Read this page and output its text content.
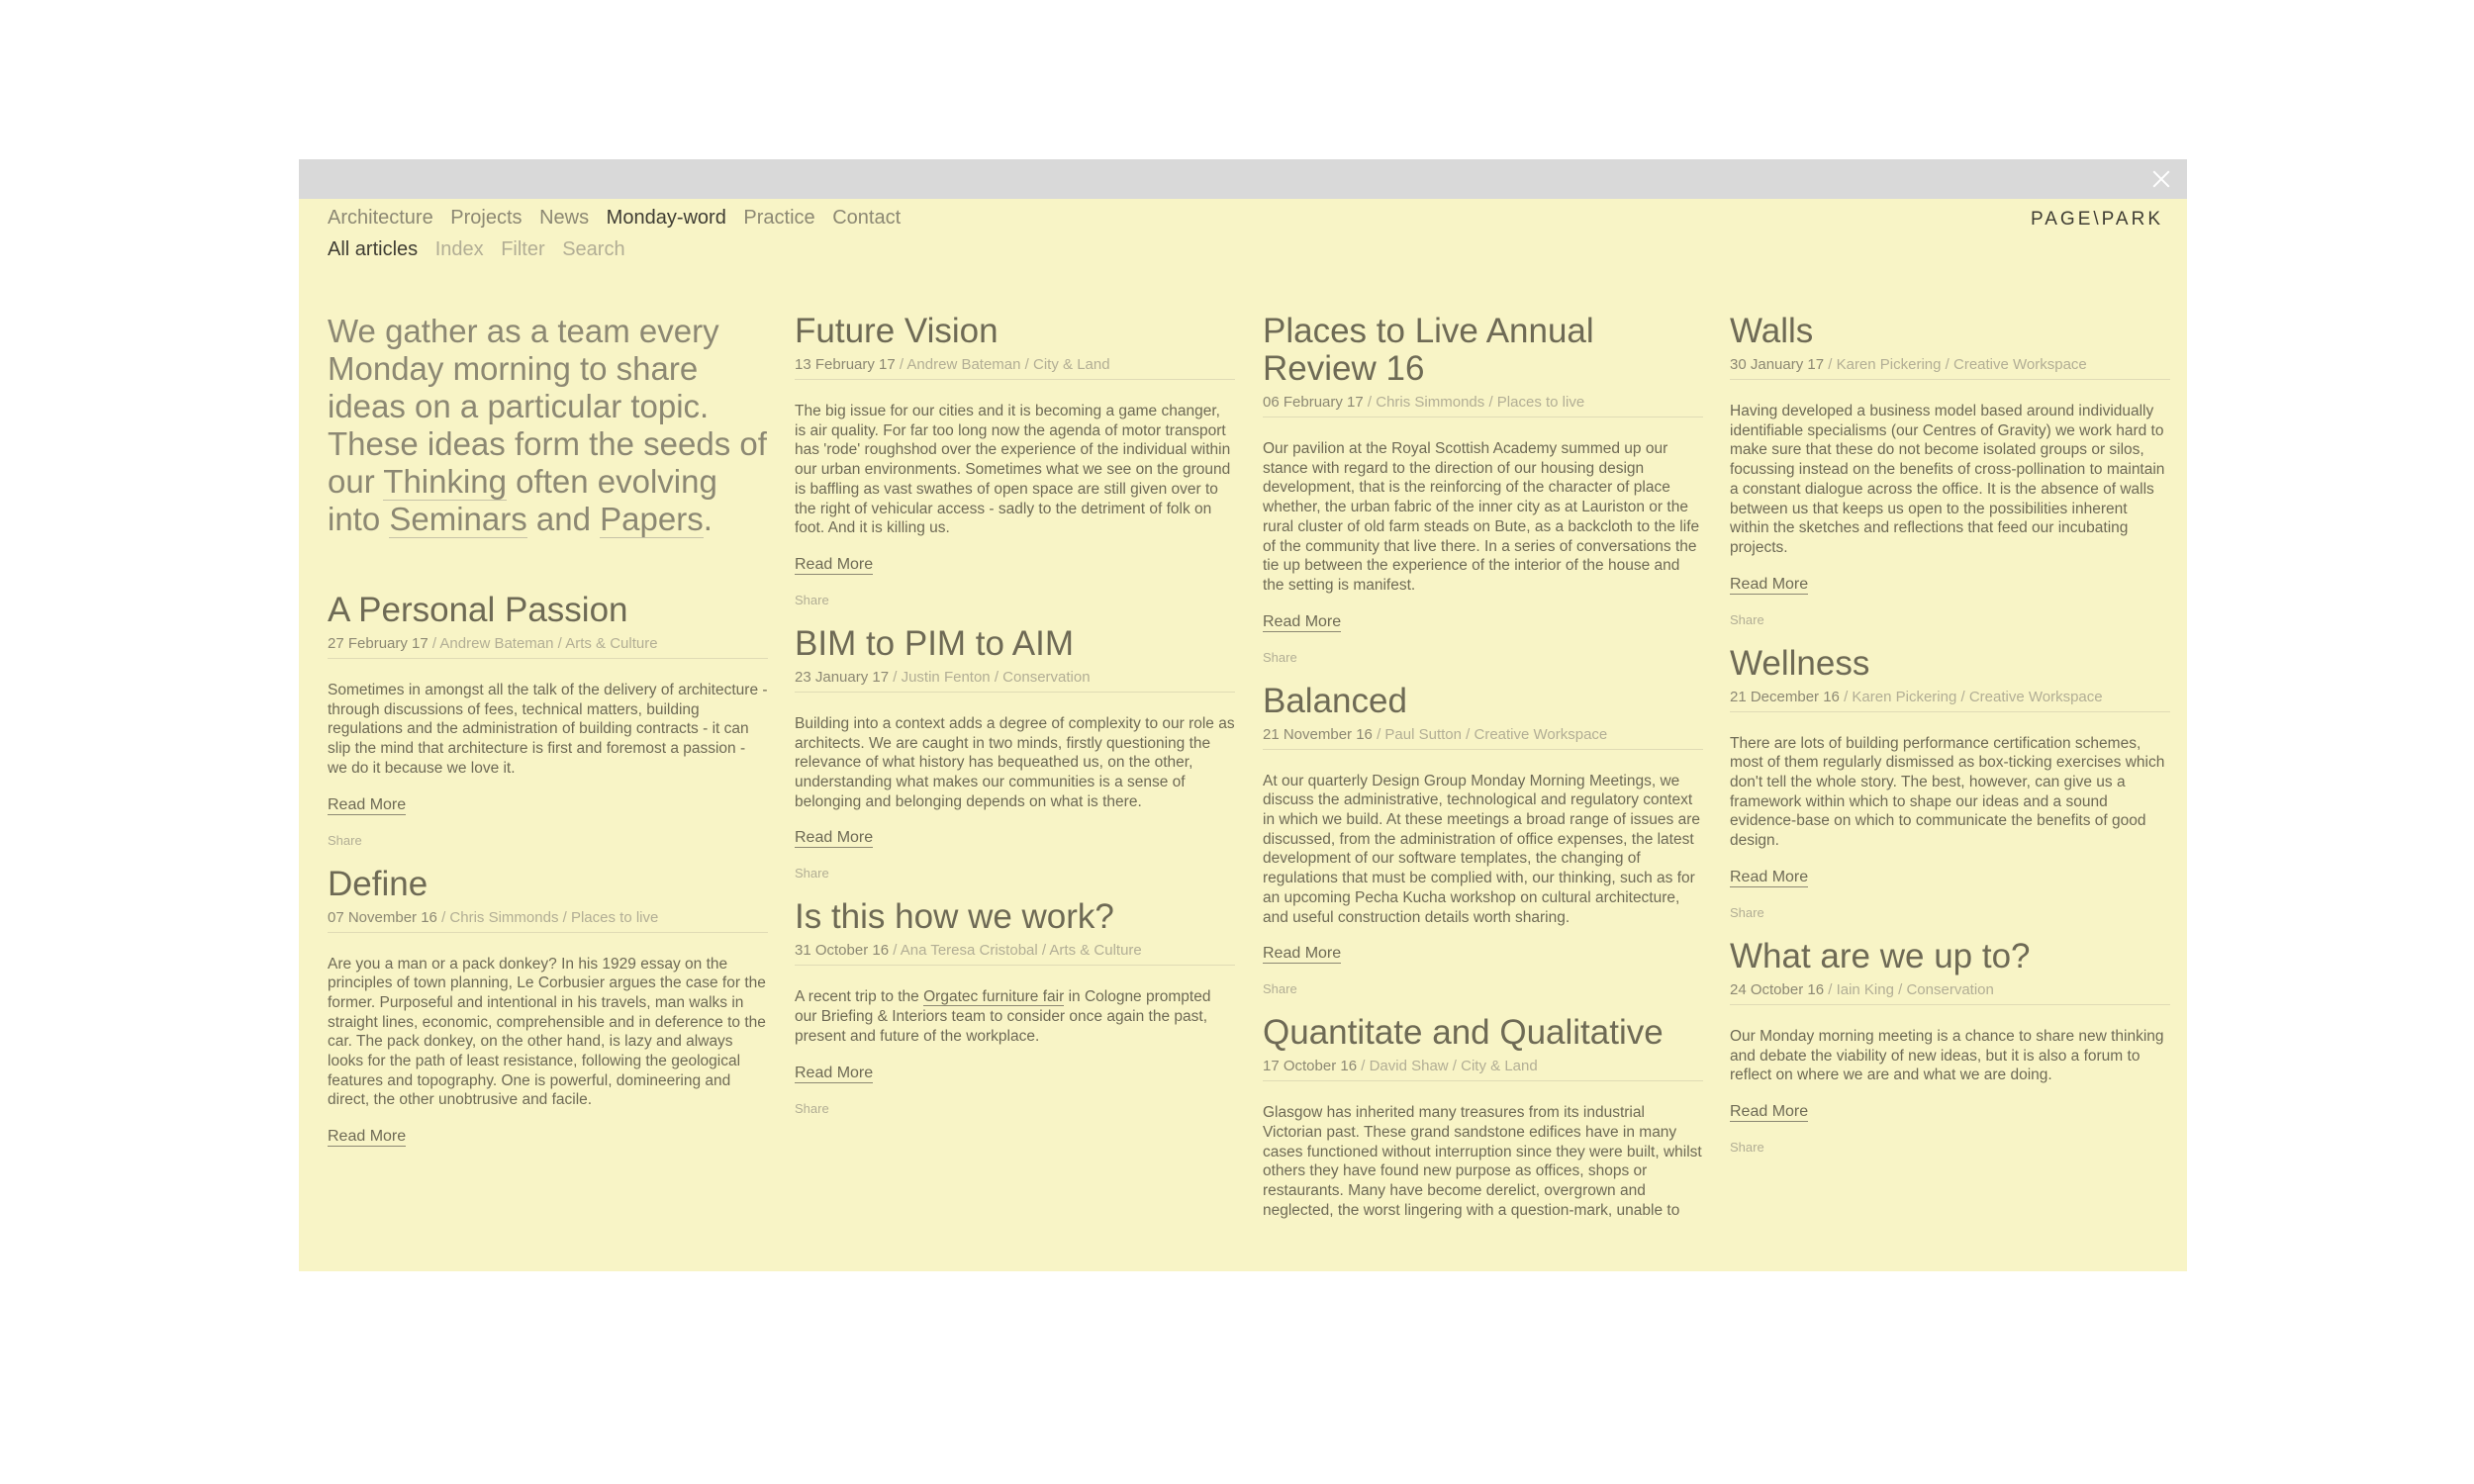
Architecture Projects News Monday-word Practice Contact
All articles Index Filter Search
PAGE\PARK

We gather as a team every Monday morning to share ideas on a particular topic. These ideas form the seeds of our Thinking often evolving into Seminars and Papers.

A Personal Passion
27 February 17 / Andrew Bateman / Arts & Culture

Sometimes in amongst all the talk of the delivery of architecture - through discussions of fees, technical matters, building regulations and the administration of building contracts - it can slip the mind that architecture is first and foremost a passion - we do it because we love it.

Read More
Share
Define
07 November 16 / Chris Simmonds / Places to live

Are you a man or a pack donkey? In his 1929 essay on the principles of town planning, Le Corbusier argues the case for the former. Purposeful and intentional in his travels, man walks in straight lines, economic, comprehensible and in deference to the car. The pack donkey, on the other hand, is lazy and always looks for the path of least resistance, following the geological features and topography. One is powerful, domineering and direct, the other unobtrusive and facile.

Read More
Future Vision
13 February 17 / Andrew Bateman / City & Land

The big issue for our cities and it is becoming a game changer, is air quality. For far too long now the agenda of motor transport has 'rode' roughshod over the experience of the individual within our urban environments. Sometimes what we see on the ground is baffling as vast swathes of open space are still given over to the right of vehicular access - sadly to the detriment of folk on foot. And it is killing us.

Read More
Share
BIM to PIM to AIM
23 January 17 / Justin Fenton / Conservation

Building into a context adds a degree of complexity to our role as architects. We are caught in two minds, firstly questioning the relevance of what history has bequeathed us, on the other, understanding what makes our communities is a sense of belonging and belonging depends on what is there.

Read More
Share
Is this how we work?
31 October 16 / Ana Teresa Cristobal / Arts & Culture

A recent trip to the Orgatec furniture fair in Cologne prompted our Briefing & Interiors team to consider once again the past, present and future of the workplace.

Read More
Share
Places to Live Annual Review 16
06 February 17 / Chris Simmonds / Places to live

Our pavilion at the Royal Scottish Academy summed up our stance with regard to the direction of our housing design development, that is the reinforcing of the character of place whether, the urban fabric of the inner city as at Lauriston or the rural cluster of old farm steads on Bute, as a backcloth to the life of the community that live there. In a series of conversations the tie up between the experience of the interior of the house and the setting is manifest.

Read More
Share
Balanced
21 November 16 / Paul Sutton / Creative Workspace

At our quarterly Design Group Monday Morning Meetings, we discuss the administrative, technological and regulatory context in which we build. At these meetings a broad range of issues are discussed, from the administration of office expenses, the latest development of our software templates, the changing of regulations that must be complied with, our thinking, such as for an upcoming Pecha Kucha workshop on cultural architecture, and useful construction details worth sharing.

Read More
Share
Quantitate and Qualitative
17 October 16 / David Shaw / City & Land

Glasgow has inherited many treasures from its industrial Victorian past. These grand sandstone edifices have in many cases functioned without interruption since they were built, whilst others they have found new purpose as offices, shops or restaurants. Many have become derelict, overgrown and neglected, the worst lingering with a question-mark, unable to

Walls
30 January 17 / Karen Pickering / Creative Workspace

Having developed a business model based around individually identifiable specialisms (our Centres of Gravity) we work hard to make sure that these do not become isolated groups or silos, focussing instead on the benefits of cross-pollination to maintain a constant dialogue across the office. It is the absence of walls between us that keeps us open to the possibilities inherent within the sketches and reflections that feed our incubating projects.

Read More
Share
Wellness
21 December 16 / Karen Pickering / Creative Workspace

There are lots of building performance certification schemes, most of them regularly dismissed as box-ticking exercises which don't tell the whole story. The best, however, can give us a framework within which to shape our ideas and a sound evidence-base on which to communicate the benefits of good design.

Read More
Share
What are we up to?
24 October 16 / Iain King / Conservation

Our Monday morning meeting is a chance to share new thinking and debate the viability of new ideas, but it is also a forum to reflect on where we are and what we are doing.

Read More
Share
